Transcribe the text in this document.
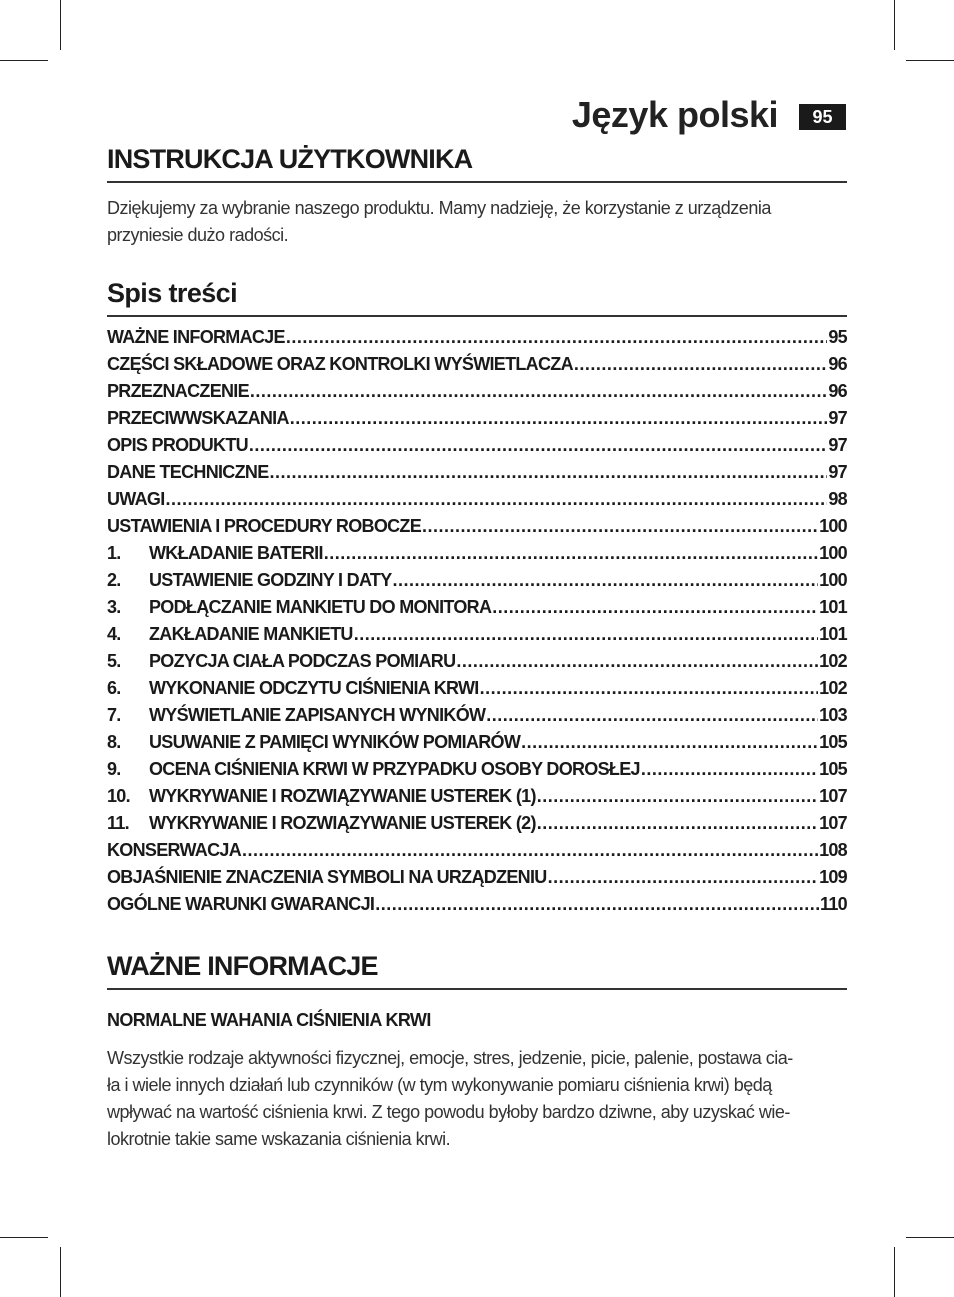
Język polski	95
INSTRUKCJA UŻYTKOWNIKA
Dziękujemy za wybranie naszego produktu. Mamy nadzieję, że korzystanie z urządzenia przyniesie dużo radości.
Spis treści
WAŻNE INFORMACJE .....	95
CZĘŚCI SKŁADOWE ORAZ KONTROLKI WYŚWIETLACZA .....	96
PRZEZNACZENIE .....	96
PRZECIWWSKAZANIA .....	97
OPIS PRODUKTU .....	97
DANE TECHNICZNE .....	97
UWAGI .....	98
USTAWIENIA I PROCEDURY ROBOCZE .....	100
1.	WKŁADANIE BATERII .....	100
2.	USTAWIENIE GODZINY I DATY .....	100
3.	PODŁĄCZANIE MANKIETU DO MONITORA .....	101
4.	ZAKŁADANIE MANKIETU .....	101
5.	POZYCJA CIAŁA PODCZAS POMIARU .....	102
6.	WYKONANIE ODCZYTU CIŚNIENIA KRWI .....	102
7.	WYŚWIETLANIE ZAPISANYCH WYNIKÓW .....	103
8.	USUWANIE Z PAMIĘCI WYNIKÓW POMIARÓW .....	105
9.	OCENA CIŚNIENIA KRWI W PRZYPADKU OSOBY DOROSŁEJ .....	105
10.	WYKRYWANIE I ROZWIĄZYWANIE USTEREK (1) .....	107
11.	WYKRYWANIE I ROZWIĄZYWANIE USTEREK (2) .....	107
KONSERWACJA .....	108
OBJAŚNIENIE ZNACZENIA SYMBOLI NA URZĄDZENIU .....	109
OGÓLNE WARUNKI GWARANCJI .....	110
WAŻNE INFORMACJE
NORMALNE WAHANIA CIŚNIENIA KRWI
Wszystkie rodzaje aktywności fizycznej, emocje, stres, jedzenie, picie, palenie, postawa cia-
ła i wiele innych działań lub czynników (w tym wykonywanie pomiaru ciśnienia krwi) będą
wpływać na wartość ciśnienia krwi. Z tego powodu byłoby bardzo dziwne, aby uzyskać wie-
lokrotnie takie same wskazania ciśnienia krwi.
